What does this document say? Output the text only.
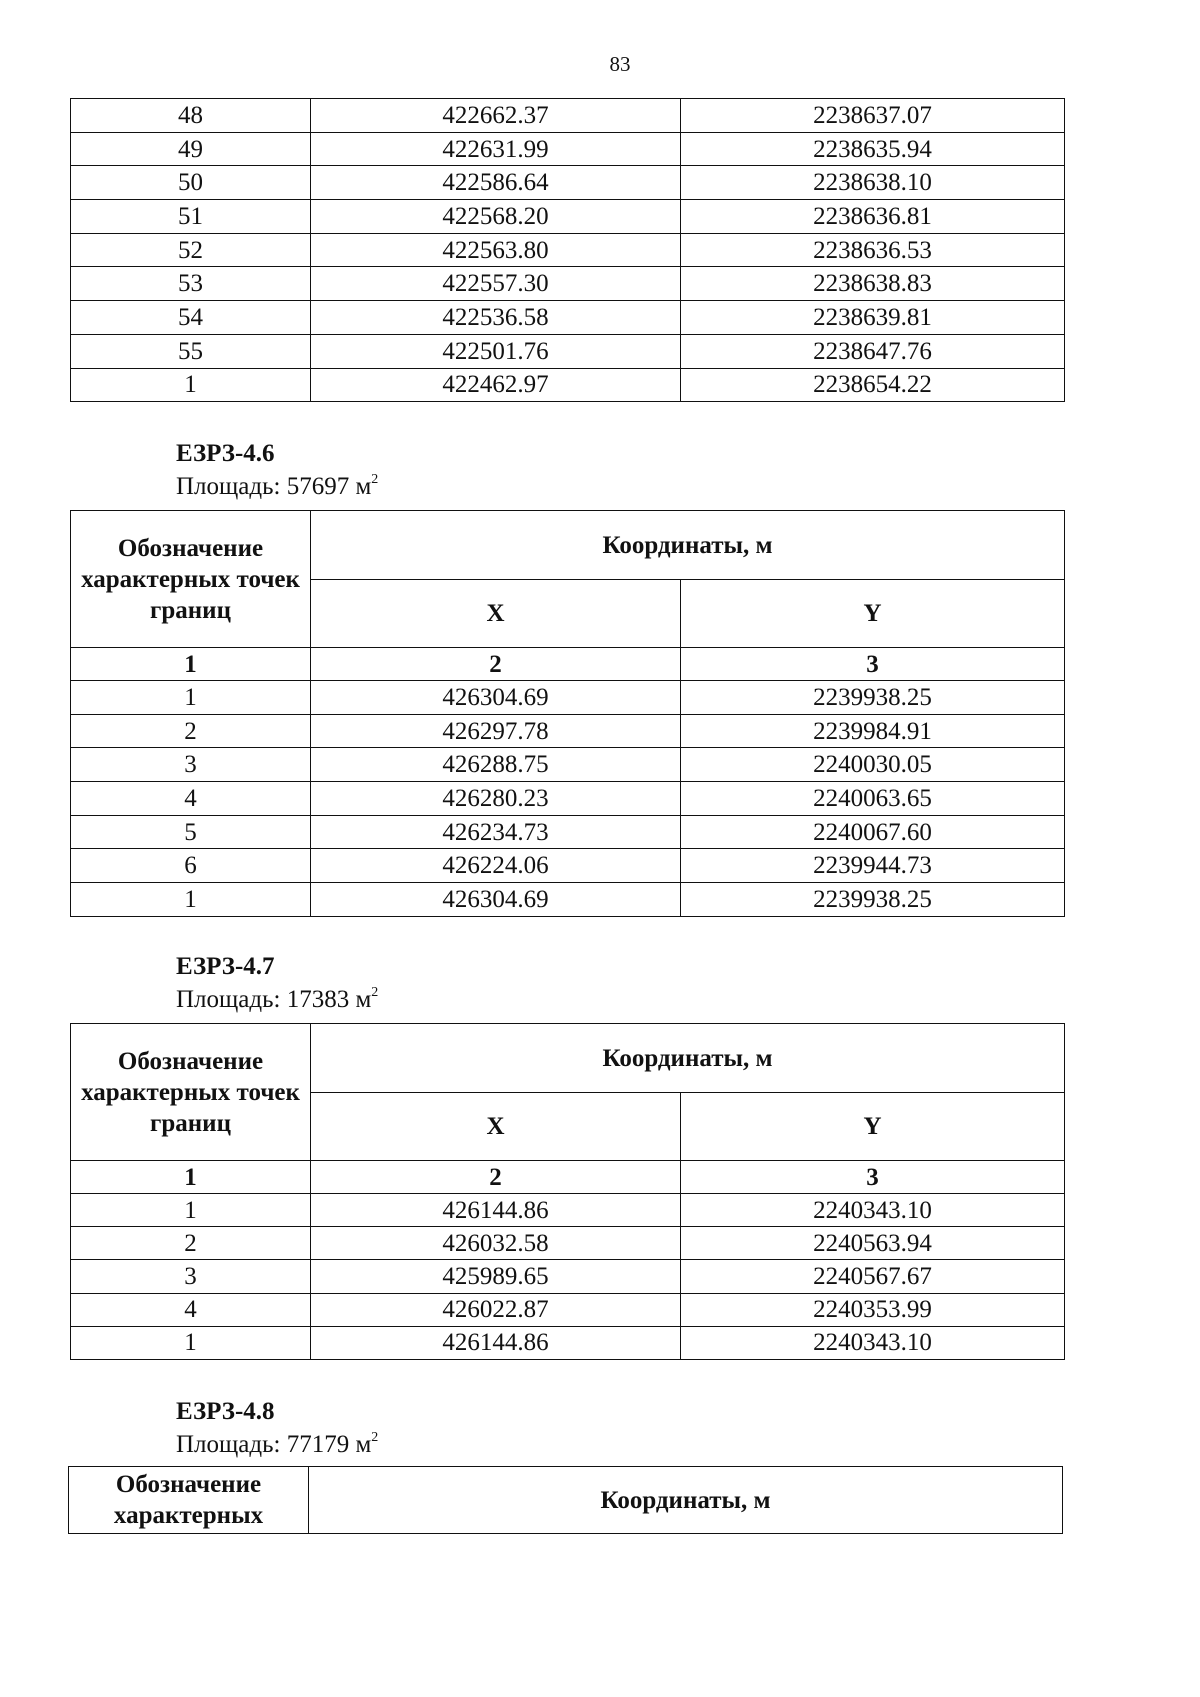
83
48	422662.37	2238637.07
49	422631.99	2238635.94
50	422586.64	2238638.10
51	422568.20	2238636.81
52	422563.80	2238636.53
53	422557.30	2238638.83
54	422536.58	2238639.81
55	422501.76	2238647.76
1	422462.97	2238654.22
ЕЗРЗ-4.6
Площадь: 57697 $м^2$
Обозначение характерных точек границ	Координаты, м	
	X	Y
1	2	3
1	426304.69	2239938.25
2	426297.78	2239984.91
3	426288.75	2240030.05
4	426280.23	2240063.65
5	426234.73	2240067.60
6	426224.06	2239944.73
1	426304.69	2239938.25
ЕЗРЗ-4.7
Площадь: 17383 $м^2$
Обозначение характерных точек границ	Координаты, м	
	X	Y
1	2	3
1	426144.86	2240343.10
2	426032.58	2240563.94
3	425989.65	2240567.67
4	426022.87	2240353.99
1	426144.86	2240343.10
ЕЗРЗ-4.8
Площадь: 77179 $м^2$
Обозначение характерных	Координаты, м
